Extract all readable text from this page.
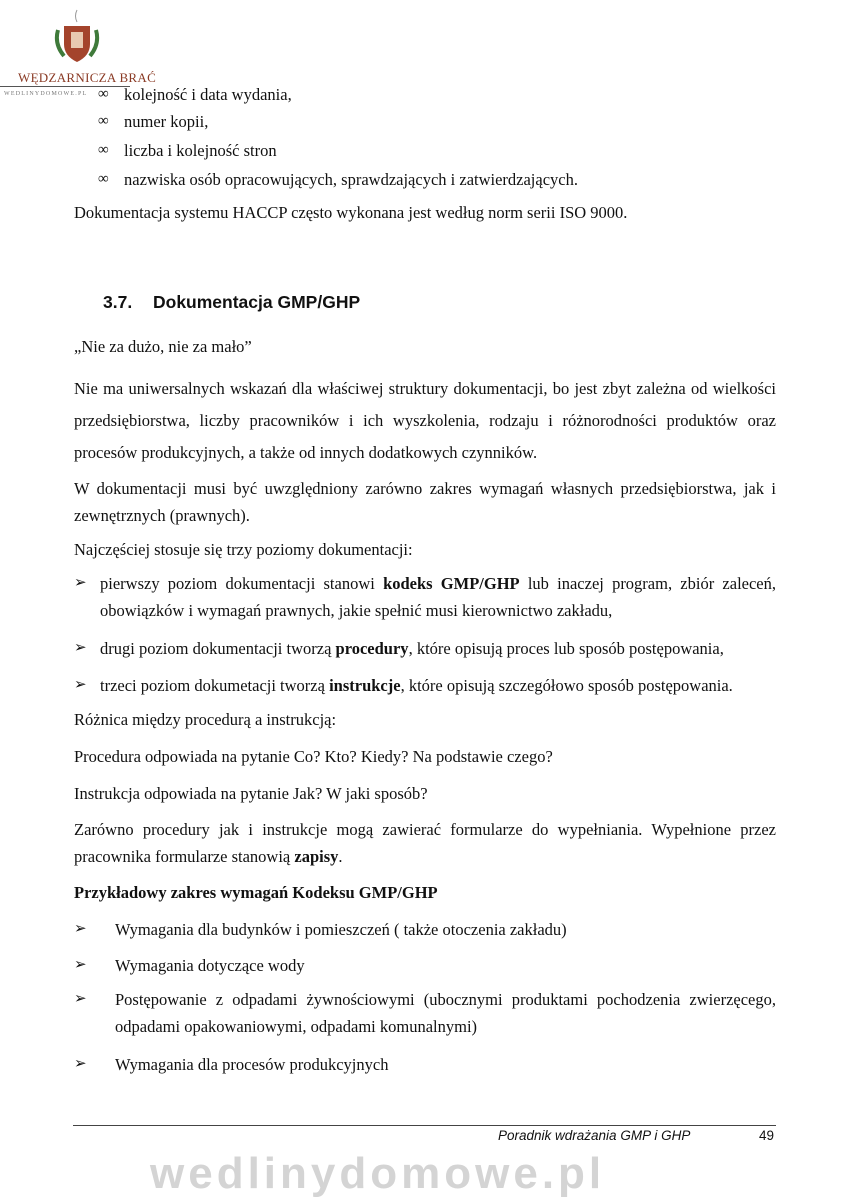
wedlinydomowe.pl
WĘDZARNICZA BRAĆ
WEDLINYDOMOWE.PL ∞ kolejność i data wydania,
∞ numer kopii,
∞ liczba i kolejność stron
∞ nazwiska osób opracowujących, sprawdzających i zatwierdzających.
Dokumentacja systemu HACCP często wykonana jest według norm serii ISO 9000.
3.7. Dokumentacja GMP/GHP
„Nie za dużo, nie za mało”
Nie ma uniwersalnych wskazań dla właściwej struktury dokumentacji, bo jest zbyt zależna od wielkości przedsiębiorstwa, liczby pracowników i ich wyszkolenia, rodzaju i różnorodności produktów oraz procesów produkcyjnych, a także od innych dodatkowych czynników.
W dokumentacji musi być uwzględniony zarówno zakres wymagań własnych przedsiębiorstwa, jak i zewnętrznych (prawnych).
Najczęściej stosuje się trzy poziomy dokumentacji:
➢ pierwszy poziom dokumentacji stanowi kodeks GMP/GHP lub inaczej program, zbiór zaleceń, obowiązków i wymagań prawnych, jakie spełnić musi kierownictwo zakładu,
➢ drugi poziom dokumentacji tworzą procedury, które opisują proces lub sposób postępowania,
➢ trzeci poziom dokumetacji tworzą instrukcje, które opisują szczegółowo sposób postępowania.
Różnica między procedurą a instrukcją:
Procedura odpowiada na pytanie Co? Kto? Kiedy? Na podstawie czego?
Instrukcja odpowiada na pytanie Jak? W jaki sposób?
Zarówno procedury jak i instrukcje mogą zawierać formularze do wypełniania. Wypełnione przez pracownika formularze stanowią zapisy.
Przykładowy zakres wymagań Kodeksu GMP/GHP
➢ Wymagania dla budynków i pomieszczeń ( także otoczenia zakładu)
➢ Wymagania dotyczące wody
➢ Postępowanie z odpadami żywnościowymi (ubocznymi produktami pochodzenia zwierzęcego, odpadami opakowaniowymi, odpadami komunalnymi)
➢ Wymagania dla procesów produkcyjnych
Poradnik wdrażania GMP i GHP	49
